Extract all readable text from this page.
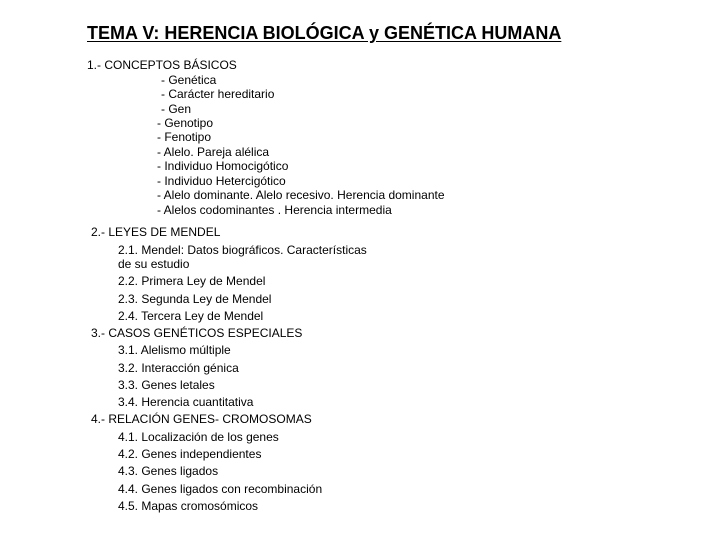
TEMA V: HERENCIA BIOLÓGICA y GENÉTICA HUMANA

1.- CONCEPTOS BÁSICOS

- Genética

- Carácter hereditario

- Gen

- Genotipo

- Fenotipo

- Alelo. Pareja alélica

- Individuo Homocigótico

- Individuo Hetercigótico

- Alelo dominante. Alelo recesivo. Herencia dominante

- Alelos codominantes . Herencia intermedia

2.- LEYES DE MENDEL

2.1. Mendel: Datos biográficos. Características

de su estudio

2.2. Primera Ley de Mendel

2.3. Segunda Ley de Mendel

2.4. Tercera Ley de Mendel

3.- CASOS GENÉTICOS ESPECIALES

3.1. Alelismo múltiple

3.2. Interacción génica

3.3. Genes letales

3.4. Herencia cuantitativa

4.- RELACIÓN GENES- CROMOSOMAS

4.1. Localización de los genes

4.2. Genes independientes

4.3. Genes ligados

4.4. Genes ligados con recombinación

4.5. Mapas cromosómicos
